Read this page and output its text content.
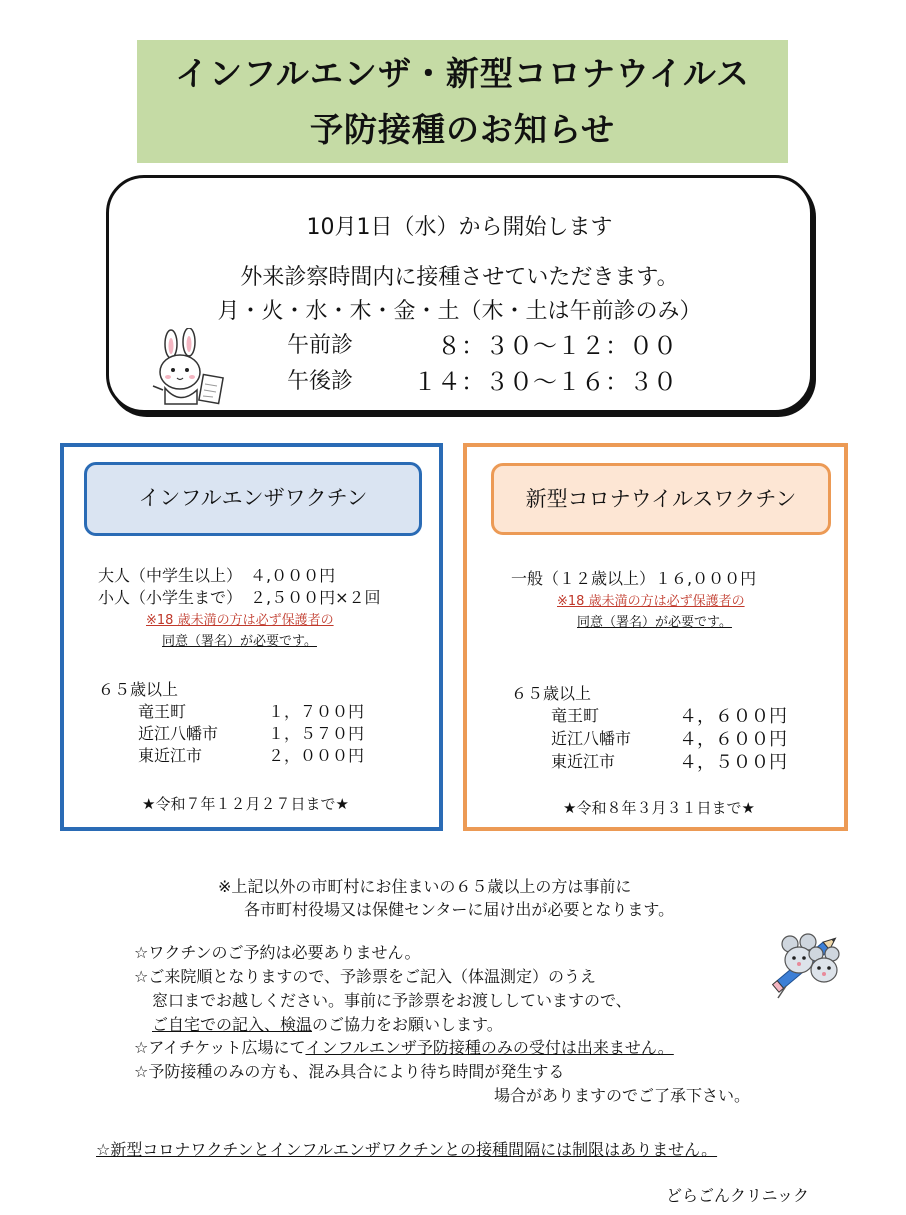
インフルエンザ・新型コロナウイルス
予防接種のお知らせ
10月1日（水）から開始します
外来診察時間内に接種させていただきます。
月・火・水・木・金・土（木・土は午前診のみ）
午前診	８：３０～１２：００
午後診 １４：３０～１６：３０
インフルエンザワクチン
大人（中学生以上）　４,０００円
小人（小学生まで）　２,５００円×２回
※18 歳未満の方は必ず保護者の
同意（署名）が必要です。
６５歳以上
竜王町	１，７００円
近江八幡市	１，５７０円
東近江市	２，０００円
★令和７年１２月２７日まで★
新型コロナウイルスワクチン
一般（１２歳以上）１６,０００円
※18 歳未満の方は必ず保護者の
同意（署名）が必要です。
６５歳以上
竜王町	４，６００円
近江八幡市	４，６００円
東近江市	４，５００円
★令和８年３月３１日まで★
※上記以外の市町村にお住まいの６５歳以上の方は事前に
各市町村役場又は保健センターに届け出が必要となります。
☆ワクチンのご予約は必要ありません。
☆ご来院順となりますので、予診票をご記入（体温測定）のうえ
窓口までお越しください。事前に予診票をお渡ししていますので、
ご自宅での記入、検温のご協力をお願いします。
☆アイチケット広場にてインフルエンザ予防接種のみの受付は出来ません。
☆予防接種のみの方も、混み具合により待ち時間が発生する
場合がありますのでご了承下さい。
☆新型コロナワクチンとインフルエンザワクチンとの接種間隔には制限はありません。
どらごんクリニック
